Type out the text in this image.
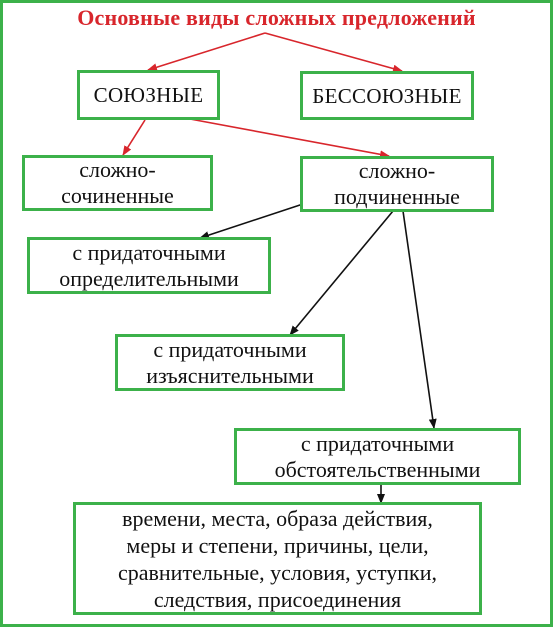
Основные виды сложных предложений
СОЮЗНЫЕ	БЕССОЮЗНЫЕ
сложно-
сочиненные
сложно-
подчиненные
с придаточными
определительными
с придаточными
изъяснительными
с придаточными
обстоятельственными
времени, места, образа действия,
меры и степени, причины, цели,
сравнительные, условия, уступки,
следствия, присоединения
